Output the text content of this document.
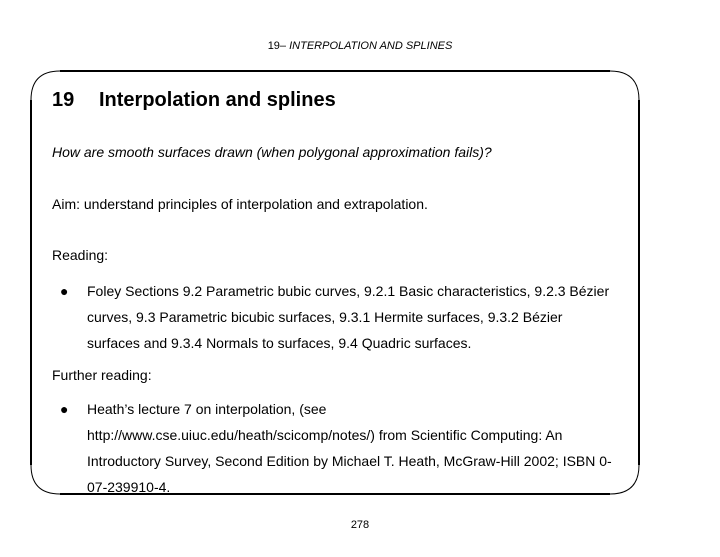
19– INTERPOLATION AND SPLINES
19 Interpolation and splines

How are smooth surfaces drawn (when polygonal approximation fails)?

Aim: understand principles of interpolation and extrapolation.

Reading:

●	Foley Sections 9.2 Parametric bubic curves, 9.2.1 Basic characteristics, 9.2.3 Bézier curves, 9.3 Parametric bicubic surfaces, 9.3.1 Hermite surfaces, 9.3.2 Bézier surfaces and 9.3.4 Normals to surfaces, 9.4 Quadric surfaces.

Further reading:

●	Heath’s lecture 7 on interpolation, (see http://www.cse.uiuc.edu/heath/scicomp/notes/) from Scientific Computing: An Introductory Survey, Second Edition by Michael T. Heath, McGraw-Hill 2002; ISBN 0-07-239910-4.
278
